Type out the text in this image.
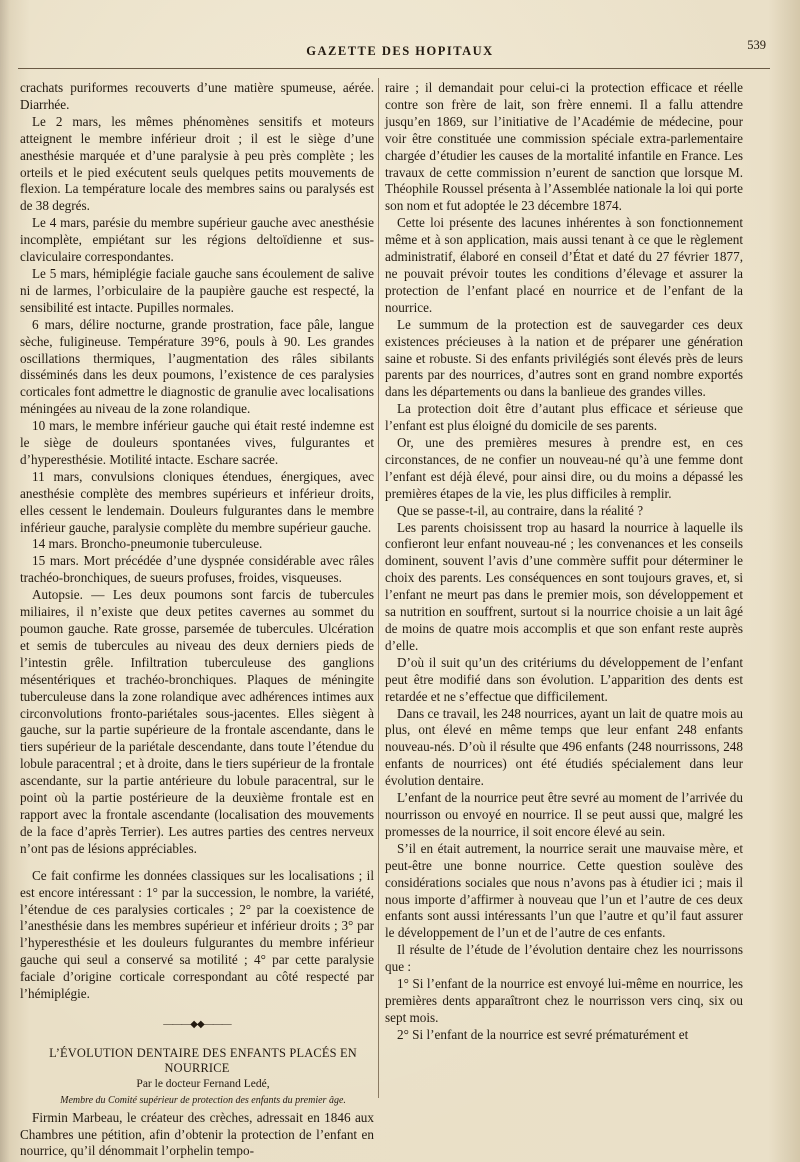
GAZETTE DES HOPITAUX	539

crachats puriformes recouverts d’une matière spumeuse, aérée. Diarrhée.

Le 2 mars, les mêmes phénomènes sensitifs et moteurs atteignent le membre inférieur droit ; il est le siège d’une anesthésie marquée et d’une paralysie à peu près complète ; les orteils et le pied exécutent seuls quelques petits mouvements de flexion. La température locale des membres sains ou paralysés est de 38 degrés.

Le 4 mars, parésie du membre supérieur gauche avec anesthésie incomplète, empiétant sur les régions deltoïdienne et sus-claviculaire correspondantes.

Le 5 mars, hémiplégie faciale gauche sans écoulement de salive ni de larmes, l’orbiculaire de la paupière gauche est respecté, la sensibilité est intacte. Pupilles normales.

6 mars, délire nocturne, grande prostration, face pâle, langue sèche, fuligineuse. Température 39°6, pouls à 90. Les grandes oscillations thermiques, l’augmentation des râles sibilants disséminés dans les deux poumons, l’existence de ces paralysies corticales font admettre le diagnostic de granulie avec localisations méningées au niveau de la zone rolandique.

10 mars, le membre inférieur gauche qui était resté indemne est le siège de douleurs spontanées vives, fulgurantes et d’hyperesthésie. Motilité intacte. Eschare sacrée.

11 mars, convulsions cloniques étendues, énergiques, avec anesthésie complète des membres supérieurs et inférieur droits, elles cessent le lendemain. Douleurs fulgurantes dans le membre inférieur gauche, paralysie complète du membre supérieur gauche.

14 mars. Broncho-pneumonie tuberculeuse.

15 mars. Mort précédée d’une dyspnée considérable avec râles trachéo-bronchiques, de sueurs profuses, froides, visqueuses.

Autopsie. — Les deux poumons sont farcis de tubercules miliaires, il n’existe que deux petites cavernes au sommet du poumon gauche. Rate grosse, parsemée de tubercules. Ulcération et semis de tubercules au niveau des deux derniers pieds de l’intestin grêle. Infiltration tuberculeuse des ganglions mésentériques et trachéo-bronchiques. Plaques de méningite tuberculeuse dans la zone rolandique avec adhérences intimes aux circonvolutions fronto-pariétales sous-jacentes. Elles siègent à gauche, sur la partie supérieure de la frontale ascendante, dans le tiers supérieur de la pariétale descendante, dans toute l’étendue du lobule paracentral ; et à droite, dans le tiers supérieur de la frontale ascendante, sur la partie antérieure du lobule paracentral, sur le point où la partie postérieure de la deuxième frontale est en rapport avec la frontale ascendante (localisation des mouvements de la face d’après Terrier). Les autres parties des centres nerveux n’ont pas de lésions appréciables.

Ce fait confirme les données classiques sur les localisations ; il est encore intéressant : 1° par la succession, le nombre, la variété, l’étendue de ces paralysies corticales ; 2° par la coexistence de l’anesthésie dans les membres supérieur et inférieur droits ; 3° par l’hyperesthésie et les douleurs fulgurantes du membre inférieur gauche qui seul a conservé sa motilité ; 4° par cette paralysie faciale d’origine corticale correspondant au côté respecté par l’hémiplégie.

———◆◆———

L’ÉVOLUTION DENTAIRE DES ENFANTS PLACÉS EN NOURRICE

Par le docteur Fernand Ledé,

Membre du Comité supérieur de protection des enfants du premier âge.

Firmin Marbeau, le créateur des crèches, adressait en 1846 aux Chambres une pétition, afin d’obtenir la protection de l’enfant en nourrice, qu’il dénommait l’orphelin tempo-

raire ; il demandait pour celui-ci la protection efficace et réelle contre son frère de lait, son frère ennemi. Il a fallu attendre jusqu’en 1869, sur l’initiative de l’Académie de médecine, pour voir être constituée une commission spéciale extra-parlementaire chargée d’étudier les causes de la mortalité infantile en France. Les travaux de cette commission n’eurent de sanction que lorsque M. Théophile Roussel présenta à l’Assemblée nationale la loi qui porte son nom et fut adoptée le 23 décembre 1874.

Cette loi présente des lacunes inhérentes à son fonctionnement même et à son application, mais aussi tenant à ce que le règlement administratif, élaboré en conseil d’État et daté du 27 février 1877, ne pouvait prévoir toutes les conditions d’élevage et assurer la protection de l’enfant placé en nourrice et de l’enfant de la nourrice.

Le summum de la protection est de sauvegarder ces deux existences précieuses à la nation et de préparer une génération saine et robuste. Si des enfants privilégiés sont élevés près de leurs parents par des nourrices, d’autres sont en grand nombre exportés dans les départements ou dans la banlieue des grandes villes.

La protection doit être d’autant plus efficace et sérieuse que l’enfant est plus éloigné du domicile de ses parents.

Or, une des premières mesures à prendre est, en ces circonstances, de ne confier un nouveau-né qu’à une femme dont l’enfant est déjà élevé, pour ainsi dire, ou du moins a dépassé les premières étapes de la vie, les plus difficiles à remplir.

Que se passe-t-il, au contraire, dans la réalité ?

Les parents choisissent trop au hasard la nourrice à laquelle ils confieront leur enfant nouveau-né ; les convenances et les conseils dominent, souvent l’avis d’une commère suffit pour déterminer le choix des parents. Les conséquences en sont toujours graves, et, si l’enfant ne meurt pas dans le premier mois, son développement et sa nutrition en souffrent, surtout si la nourrice choisie a un lait âgé de moins de quatre mois accomplis et que son enfant reste auprès d’elle.

D’où il suit qu’un des critériums du développement de l’enfant peut être modifié dans son évolution. L’apparition des dents est retardée et ne s’effectue que difficilement.

Dans ce travail, les 248 nourrices, ayant un lait de quatre mois au plus, ont élevé en même temps que leur enfant 248 enfants nouveau-nés. D’où il résulte que 496 enfants (248 nourrissons, 248 enfants de nourrices) ont été étudiés spécialement dans leur évolution dentaire.

L’enfant de la nourrice peut être sevré au moment de l’arrivée du nourrisson ou envoyé en nourrice. Il se peut aussi que, malgré les promesses de la nourrice, il soit encore élevé au sein.

S’il en était autrement, la nourrice serait une mauvaise mère, et peut-être une bonne nourrice. Cette question soulève des considérations sociales que nous n’avons pas à étudier ici ; mais il nous importe d’affirmer à nouveau que l’un et l’autre de ces deux enfants sont aussi intéressants l’un que l’autre et qu’il faut assurer le développement de l’un et de l’autre de ces enfants.

Il résulte de l’étude de l’évolution dentaire chez les nourrissons que :

1° Si l’enfant de la nourrice est envoyé lui-même en nourrice, les premières dents apparaîtront chez le nourrisson vers cinq, six ou sept mois.

2° Si l’enfant de la nourrice est sevré prématurément et
